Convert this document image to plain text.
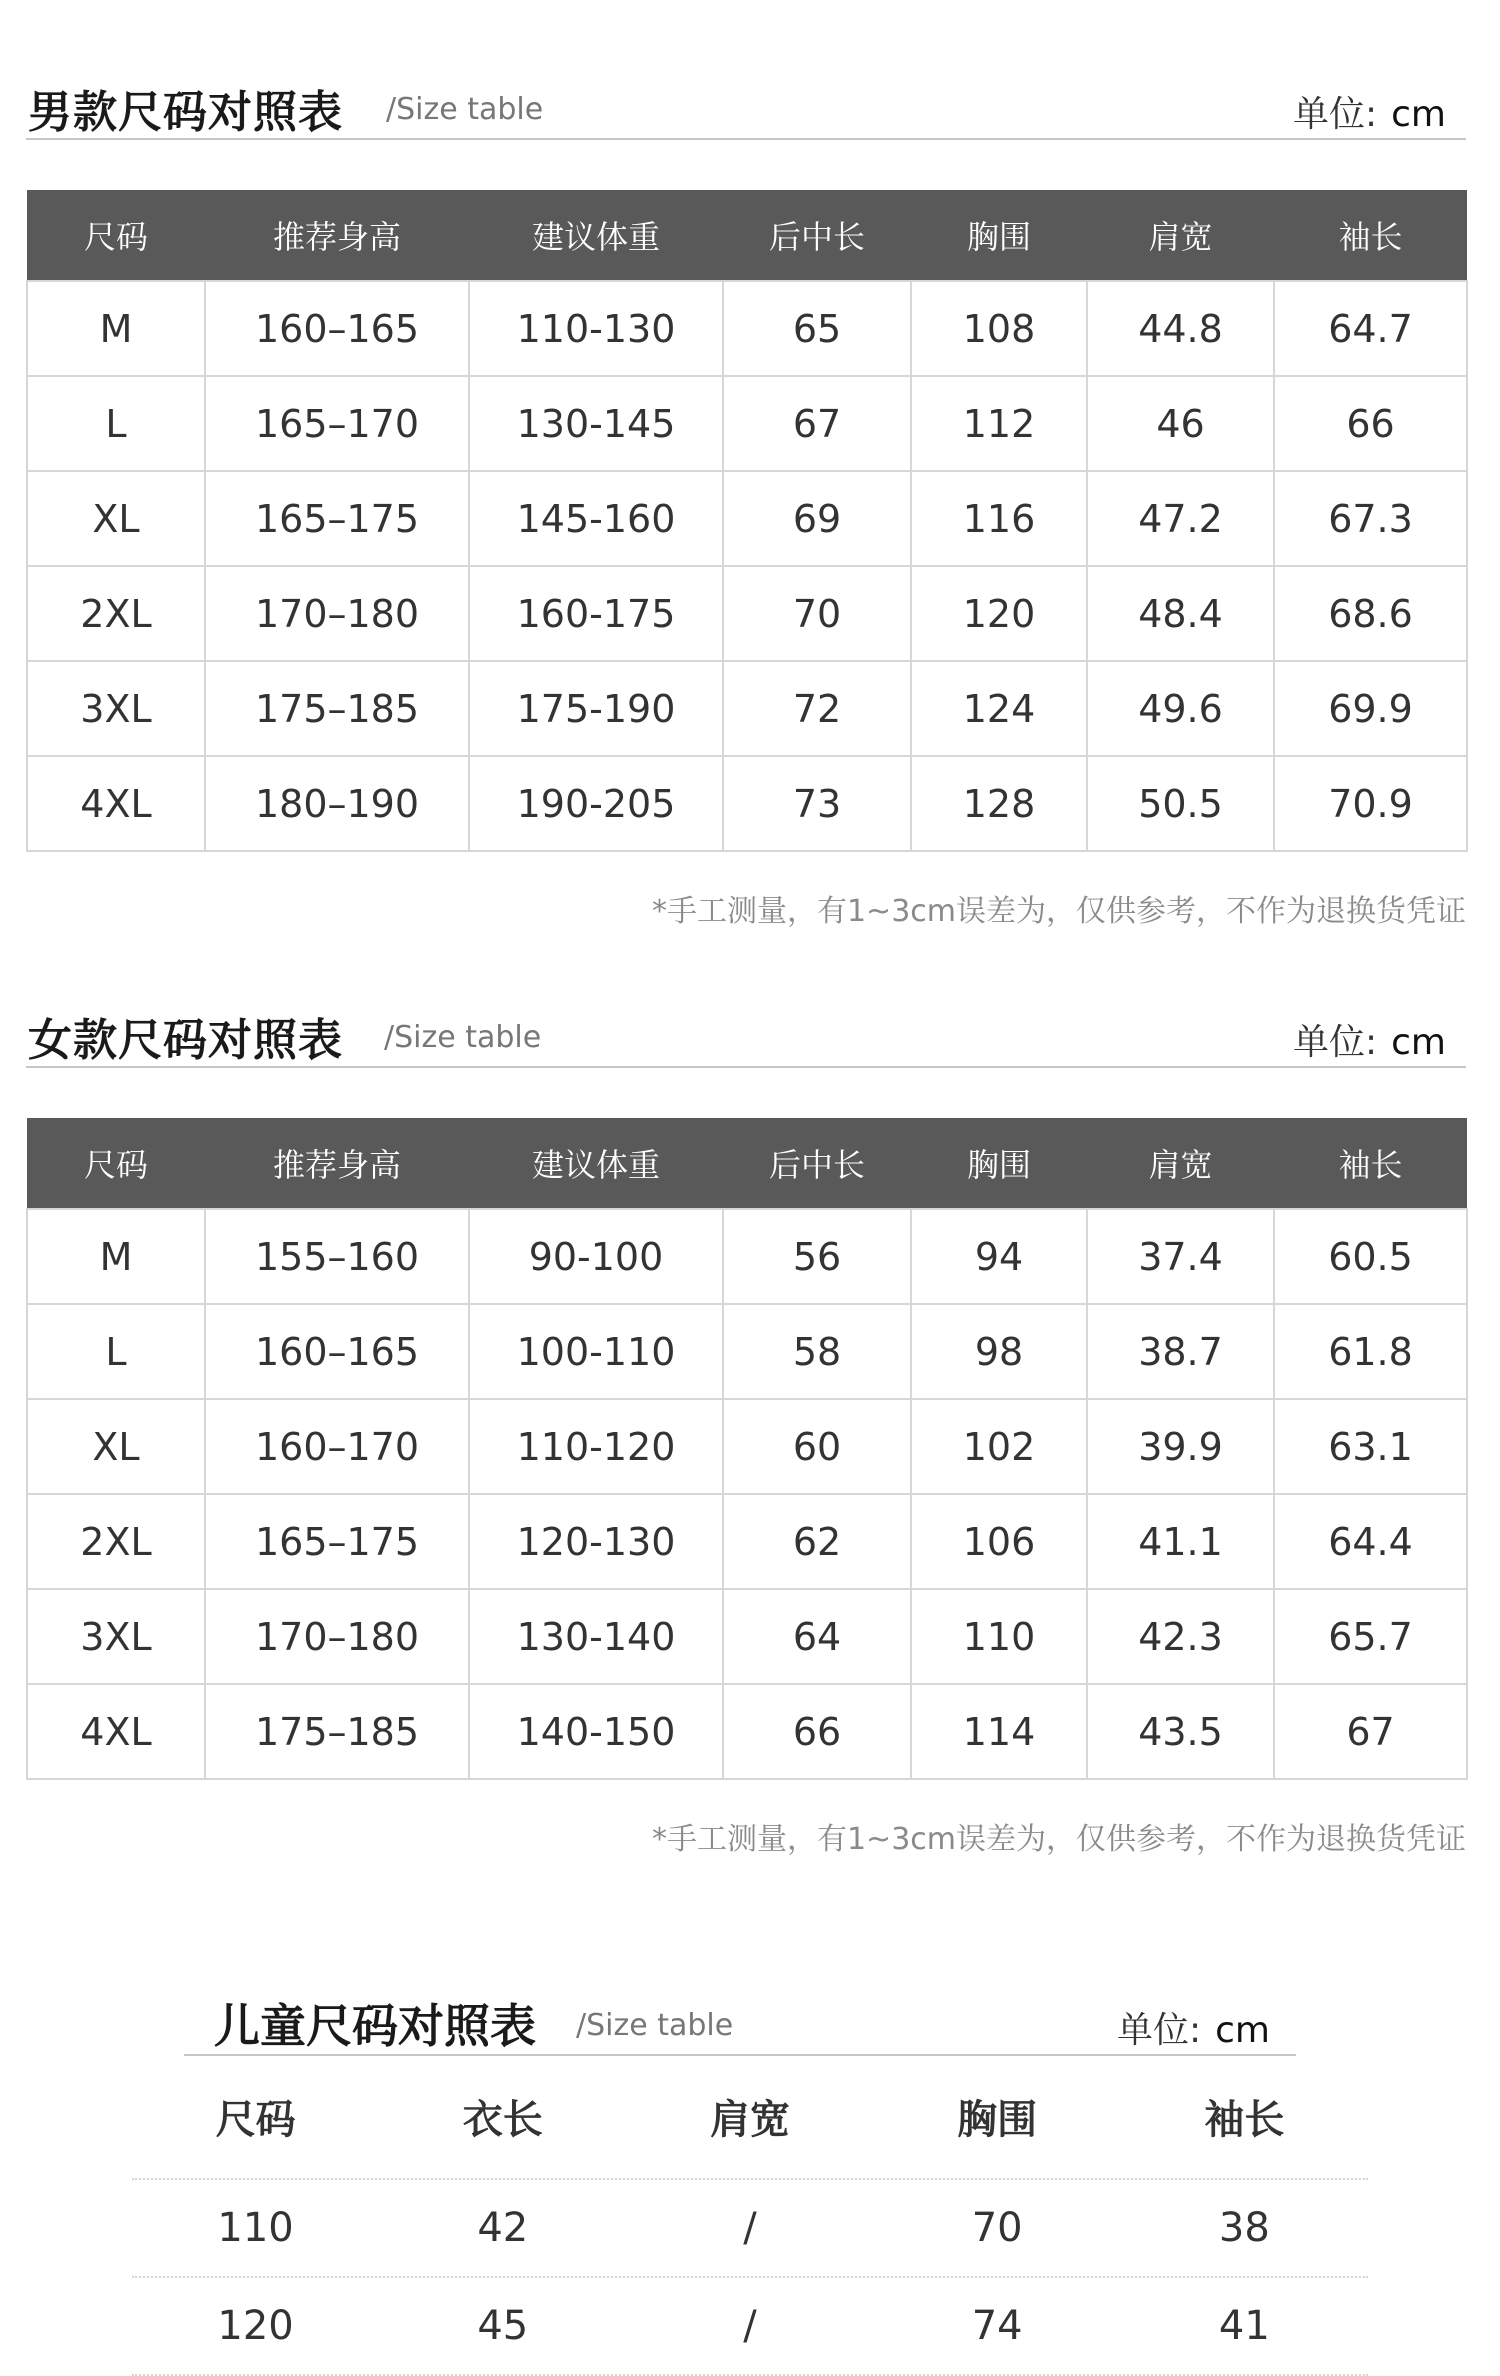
男款尺码对照表 /Size table	单位: cm
尺码	推荐身高	建议体重	后中长	胸围	肩宽	袖长
M	160–165	110-130	65	108	44.8	64.7
L	165–170	130-145	67	112	46	66
XL	165–175	145-160	69	116	47.2	67.3
2XL	170–180	160-175	70	120	48.4	68.6
3XL	175–185	175-190	72	124	49.6	69.9
4XL	180–190	190-205	73	128	50.5	70.9
*手工测量，有1~3cm误差为，仅供参考，不作为退换货凭证
女款尺码对照表 /Size table	单位: cm
尺码	推荐身高	建议体重	后中长	胸围	肩宽	袖长
M	155–160	90-100	56	94	37.4	60.5
L	160–165	100-110	58	98	38.7	61.8
XL	160–170	110-120	60	102	39.9	63.1
2XL	165–175	120-130	62	106	41.1	64.4
3XL	170–180	130-140	64	110	42.3	65.7
4XL	175–185	140-150	66	114	43.5	67
*手工测量，有1~3cm误差为，仅供参考，不作为退换货凭证
儿童尺码对照表 /Size table	单位: cm
尺码	衣长	肩宽	胸围	袖长
110	42	/	70	38
120	45	/	74	41
